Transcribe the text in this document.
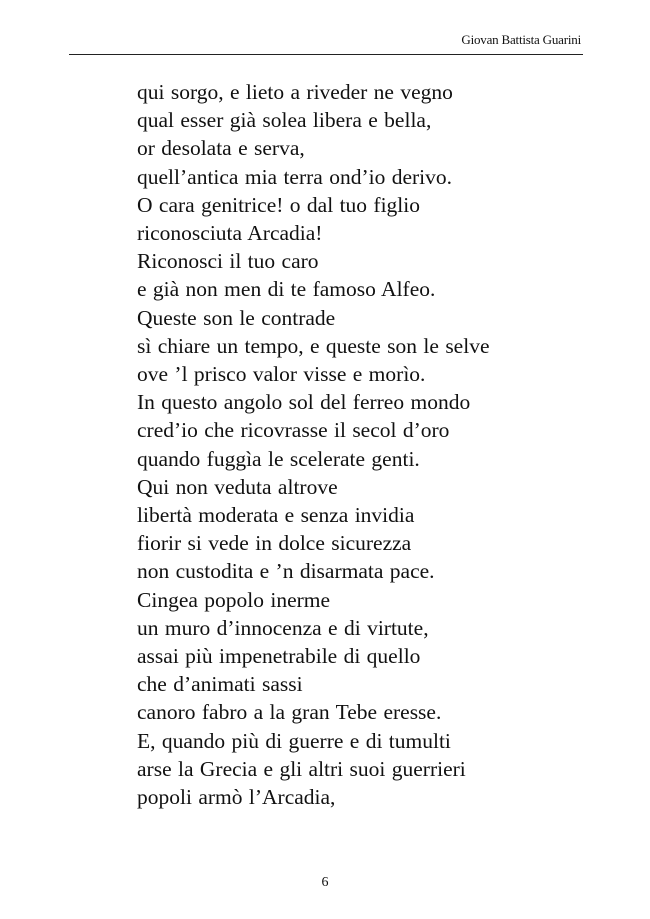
Giovan Battista Guarini
qui sorgo, e lieto a riveder ne vegno
qual esser già solea libera e bella,
or desolata e serva,
quell’antica mia terra ond’io derivo.
O cara genitrice! o dal tuo figlio
riconosciuta Arcadia!
Riconosci il tuo caro
e già non men di te famoso Alfeo.
Queste son le contrade
sì chiare un tempo, e queste son le selve
ove ’l prisco valor visse e morìo.
In questo angolo sol del ferreo mondo
cred’io che ricovrasse il secol d’oro
quando fuggìa le scelerate genti.
Qui non veduta altrove
libertà moderata e senza invidia
fiorir si vede in dolce sicurezza
non custodita e ’n disarmata pace.
Cingea popolo inerme
un muro d’innocenza e di virtute,
assai più impenetrabile di quello
che d’animati sassi
canoro fabro a la gran Tebe eresse.
E, quando più di guerre e di tumulti
arse la Grecia e gli altri suoi guerrieri
popoli armò l’Arcadia,
6
